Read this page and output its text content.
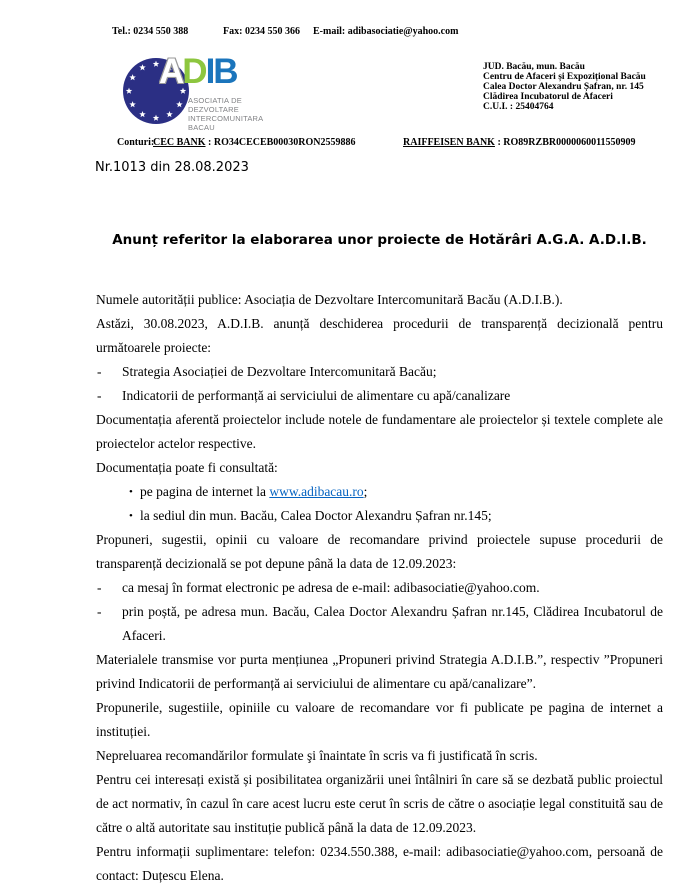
Tel.: 0234 550 388	Fax: 0234 550 366 E-mail: adibasociatie@yahoo.com
ADIB
ASOCIATIA DE
DEZVOLTARE
INTERCOMUNITARA
BACAU
JUD. Bacău, mun. Bacău
Centru de Afaceri și Expozițional Bacău
Calea Doctor Alexandru Șafran, nr. 145
Clădirea Incubatorul de Afaceri
C.U.I. : 25404764
Conturi:
CEC BANK : RO34CECEB00030RON2559886	RAIFFEISEN BANK : RO89RZBR0000060011550909
Nr.1013 din 28.08.2023
Anunț referitor la elaborarea unor proiecte de Hotărâri A.G.A. A.D.I.B.

Numele autorității publice: Asociația de Dezvoltare Intercomunitară Bacău (A.D.I.B.).

Astăzi, 30.08.2023, A.D.I.B. anunță deschiderea procedurii de transparență decizională pentru următoarele proiecte:

- Strategia Asociației de Dezvoltare Intercomunitară Bacău;
- Indicatorii de performanță ai serviciului de alimentare cu apă/canalizare

Documentația aferentă proiectelor include notele de fundamentare ale proiectelor și textele complete ale proiectelor actelor respective.

Documentația poate fi consultată:

• pe pagina de internet la www.adibacau.ro;
• la sediul din mun. Bacău, Calea Doctor Alexandru Șafran nr.145;

Propuneri, sugestii, opinii cu valoare de recomandare privind proiectele supuse procedurii de transparență decizională se pot depune până la data de 12.09.2023:

- ca mesaj în format electronic pe adresa de e-mail: adibasociatie@yahoo.com.
- prin poștă, pe adresa mun. Bacău, Calea Doctor Alexandru Șafran nr.145, Clădirea Incubatorul de Afaceri.

Materialele transmise vor purta mențiunea „Propuneri privind Strategia A.D.I.B.”, respectiv ”Propuneri privind Indicatorii de performanță ai serviciului de alimentare cu apă/canalizare”.

Propunerile, sugestiile, opiniile cu valoare de recomandare vor fi publicate pe pagina de internet a instituției.

Nepreluarea recomandărilor formulate şi înaintate în scris va fi justificată în scris.

Pentru cei interesați există și posibilitatea organizării unei întâlniri în care să se dezbată public proiectul de act normativ, în cazul în care acest lucru este cerut în scris de către o asociație legal constituită sau de către o altă autoritate sau instituție publică până la data de 12.09.2023.

Pentru informații suplimentare: telefon: 0234.550.388, e-mail: adibasociatie@yahoo.com, persoană de contact: Duțescu Elena.
